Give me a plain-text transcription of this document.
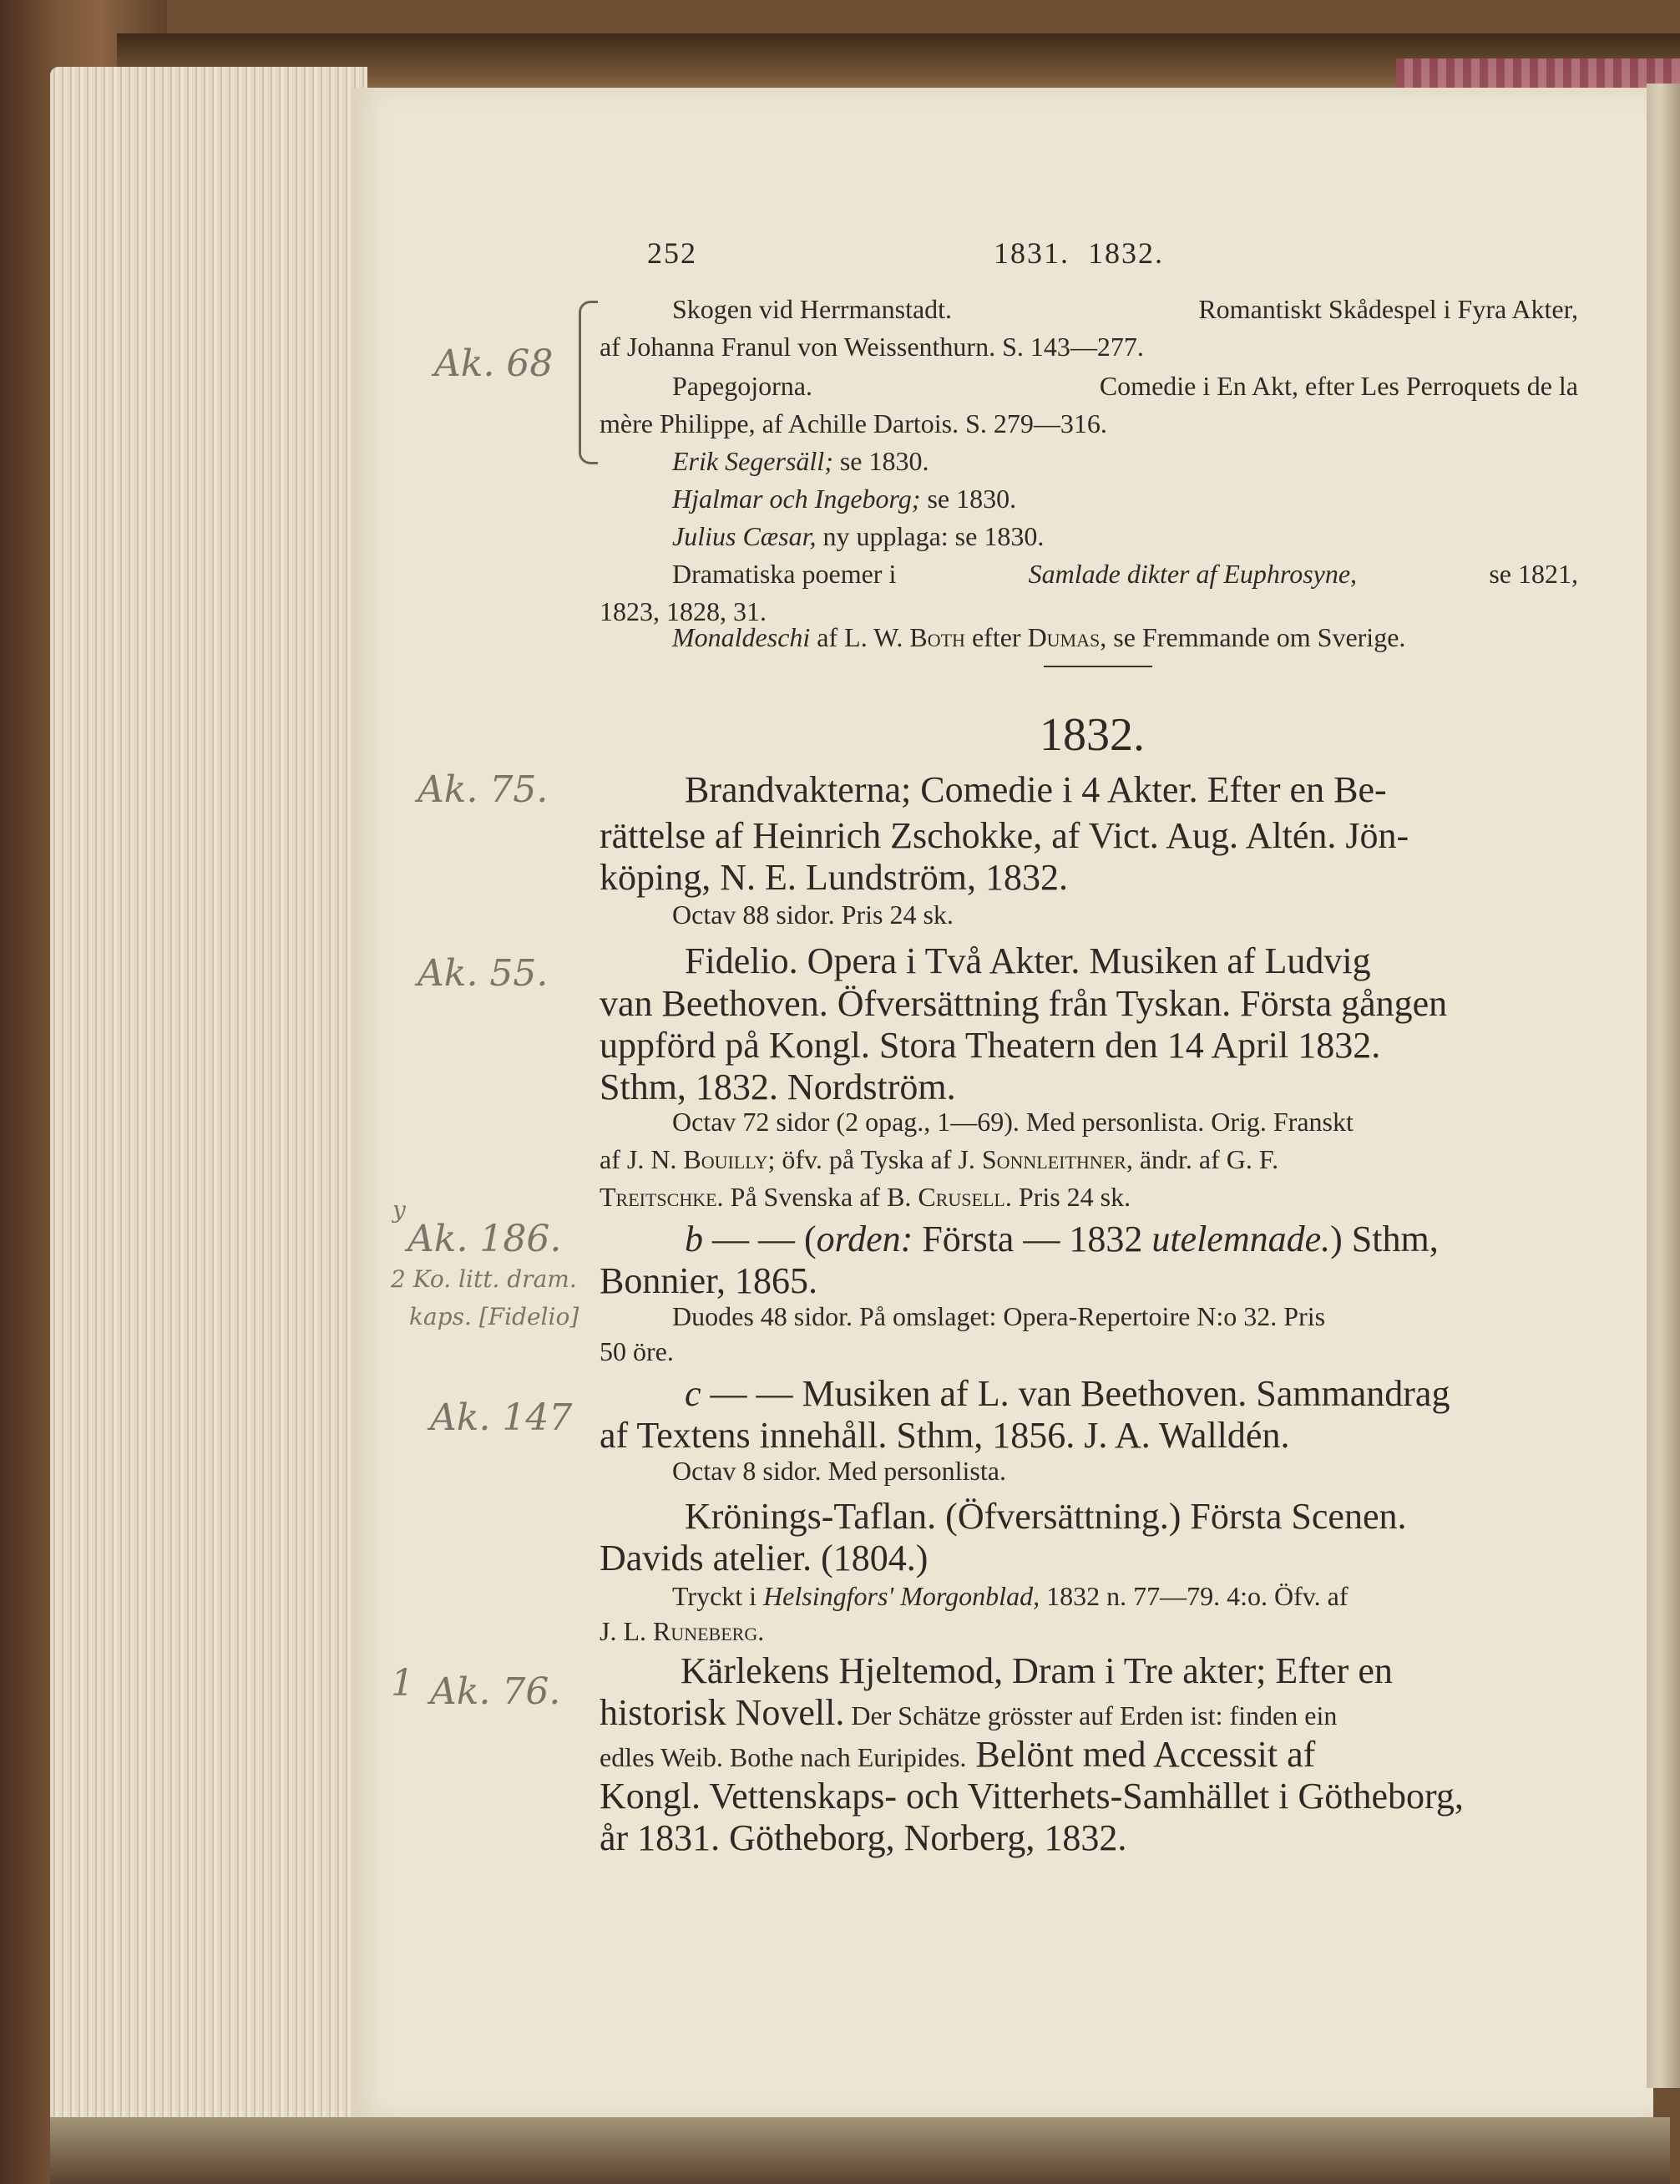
252	1831.  1832.
Skogen vid Herrmanstadt.	Romantiskt Skådespel i Fyra Akter,
af Johanna Franul von Weissenthurn. S. 143—277.
Papegojorna.	Comedie i En Akt, efter Les Perroquets de la
mère Philippe, af Achille Dartois. S. 279—316.
Erik Segersäll; se 1830.
Hjalmar och Ingeborg; se 1830.
Julius Cæsar, ny upplaga: se 1830.
Dramatiska poemer i	Samlade dikter af Euphrosyne,	se 1821,
1823, 1828, 31.
Monaldeschi af L. W. Both efter Dumas, se Fremmande om Sverige.
1832.
Brandvakterna; Comedie i 4 Akter. Efter en Be-
rättelse af Heinrich Zschokke, af Vict. Aug. Altén. Jön-
köping, N. E. Lundström, 1832.
Octav 88 sidor. Pris 24 sk.
Fidelio. Opera i Två Akter. Musiken af Ludvig
van Beethoven. Öfversättning från Tyskan. Första gången
uppförd på Kongl. Stora Theatern den 14 April 1832.
Sthm, 1832. Nordström.
Octav 72 sidor (2 opag., 1—69). Med personlista. Orig. Franskt
af J. N. Bouilly; öfv. på Tyska af J. Sonnleithner, ändr. af G. F.
Treitschke. På Svenska af B. Crusell. Pris 24 sk.
b — — (orden: Första — 1832 utelemnade.) Sthm,
Bonnier, 1865.
Duodes 48 sidor. På omslaget: Opera-Repertoire N:o 32. Pris
50 öre.
c — — Musiken af L. van Beethoven. Sammandrag
af Textens innehåll. Sthm, 1856. J. A. Walldén.
Octav 8 sidor. Med personlista.
Krönings-Taflan. (Öfversättning.) Första Scenen.
Davids atelier. (1804.)
Tryckt i Helsingfors' Morgonblad, 1832 n. 77—79. 4:o. Öfv. af
J. L. Runeberg.
Kärlekens Hjeltemod, Dram i Tre akter; Efter en
historisk Novell. Der Schätze grösster auf Erden ist: finden ein
edles Weib. Bothe nach Euripides. Belönt med Accessit af
Kongl. Vettenskaps- och Vitterhets-Samhället i Götheborg,
år 1831. Götheborg, Norberg, 1832.
Ak. 68
Ak. 75.
Ak. 55.
y
Ak. 186.
2 Ko. litt. dram.
kaps. [Fidelio]
Ak. 147
1 Ak. 76.
